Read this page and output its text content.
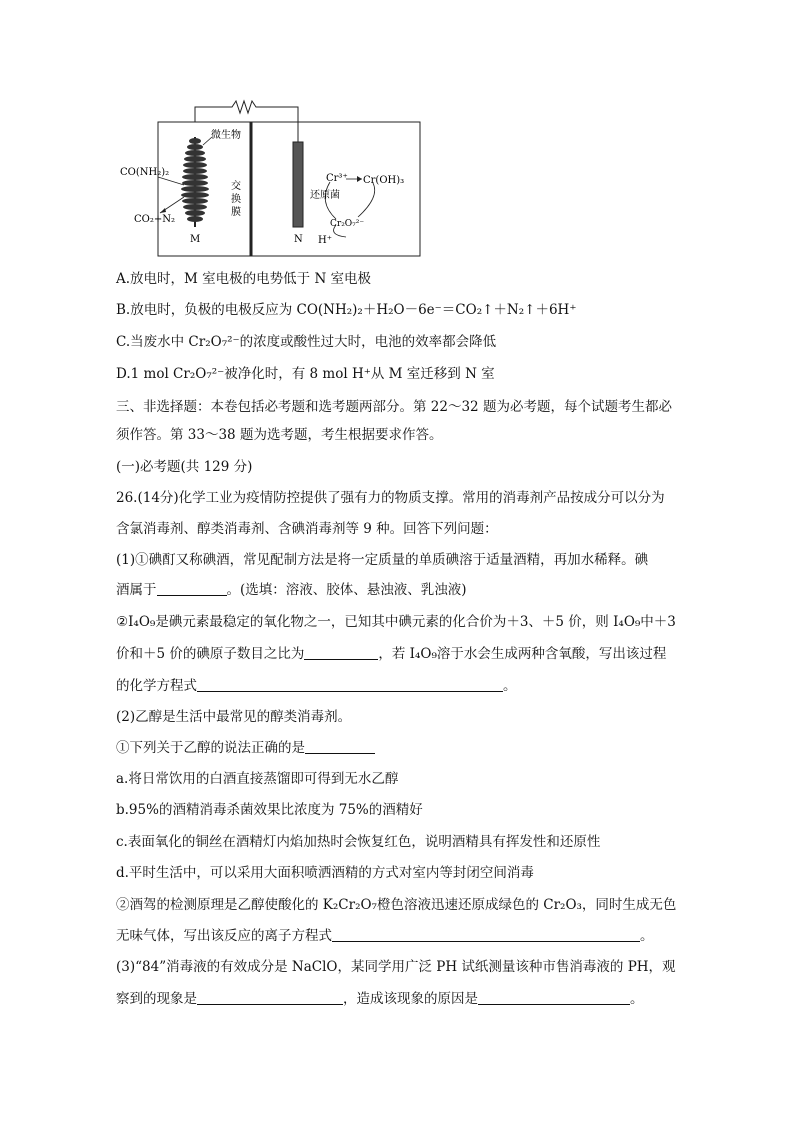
微生物
CO(NH₂)₂
CO₂+N₂
交
换
膜
M	N
Cr³⁺ Cr(OH)₃
还原菌
Cr₂O₇²⁻
H⁺
A.放电时，M 室电极的电势低于 N 室电极
B.放电时，负极的电极反应为 CO(NH₂)₂＋H₂O－6e⁻＝CO₂↑＋N₂↑＋6H⁺
C.当废水中 Cr₂O₇²⁻的浓度或酸性过大时，电池的效率都会降低
D.1 mol Cr₂O₇²⁻被净化时，有 8 mol H⁺从 M 室迁移到 N 室
三、非选择题：本卷包括必考题和选考题两部分。第 22～32 题为必考题，每个试题考生都必
须作答。第 33～38 题为选考题，考生根据要求作答。
(一)必考题(共 129 分)
26.(14分)化学工业为疫情防控提供了强有力的物质支撑。常用的消毒剂产品按成分可以分为
含氯消毒剂、醇类消毒剂、含碘消毒剂等 9 种。回答下列问题：
(1)①碘酊又称碘酒，常见配制方法是将一定质量的单质碘溶于适量酒精，再加水稀释。碘
酒属于	。(选填：溶液、胶体、悬浊液、乳浊液)
②I₄O₉是碘元素最稳定的氧化物之一，已知其中碘元素的化合价为＋3、＋5 价，则 I₄O₉中＋3
价和＋5 价的碘原子数目之比为	，若 I₄O₉溶于水会生成两种含氧酸，写出该过程
的化学方程式	。
(2)乙醇是生活中最常见的醇类消毒剂。
①下列关于乙醇的说法正确的是
a.将日常饮用的白酒直接蒸馏即可得到无水乙醇
b.95%的酒精消毒杀菌效果比浓度为 75%的酒精好
c.表面氧化的铜丝在酒精灯内焰加热时会恢复红色，说明酒精具有挥发性和还原性
d.平时生活中，可以采用大面积喷洒酒精的方式对室内等封闭空间消毒
②酒驾的检测原理是乙醇使酸化的 K₂Cr₂O₇橙色溶液迅速还原成绿色的 Cr₂O₃，同时生成无色
无味气体，写出该反应的离子方程式	。
(3)“84”消毒液的有效成分是 NaClO，某同学用广泛 PH 试纸测量该种市售消毒液的 PH，观
察到的现象是	，造成该现象的原因是	。
